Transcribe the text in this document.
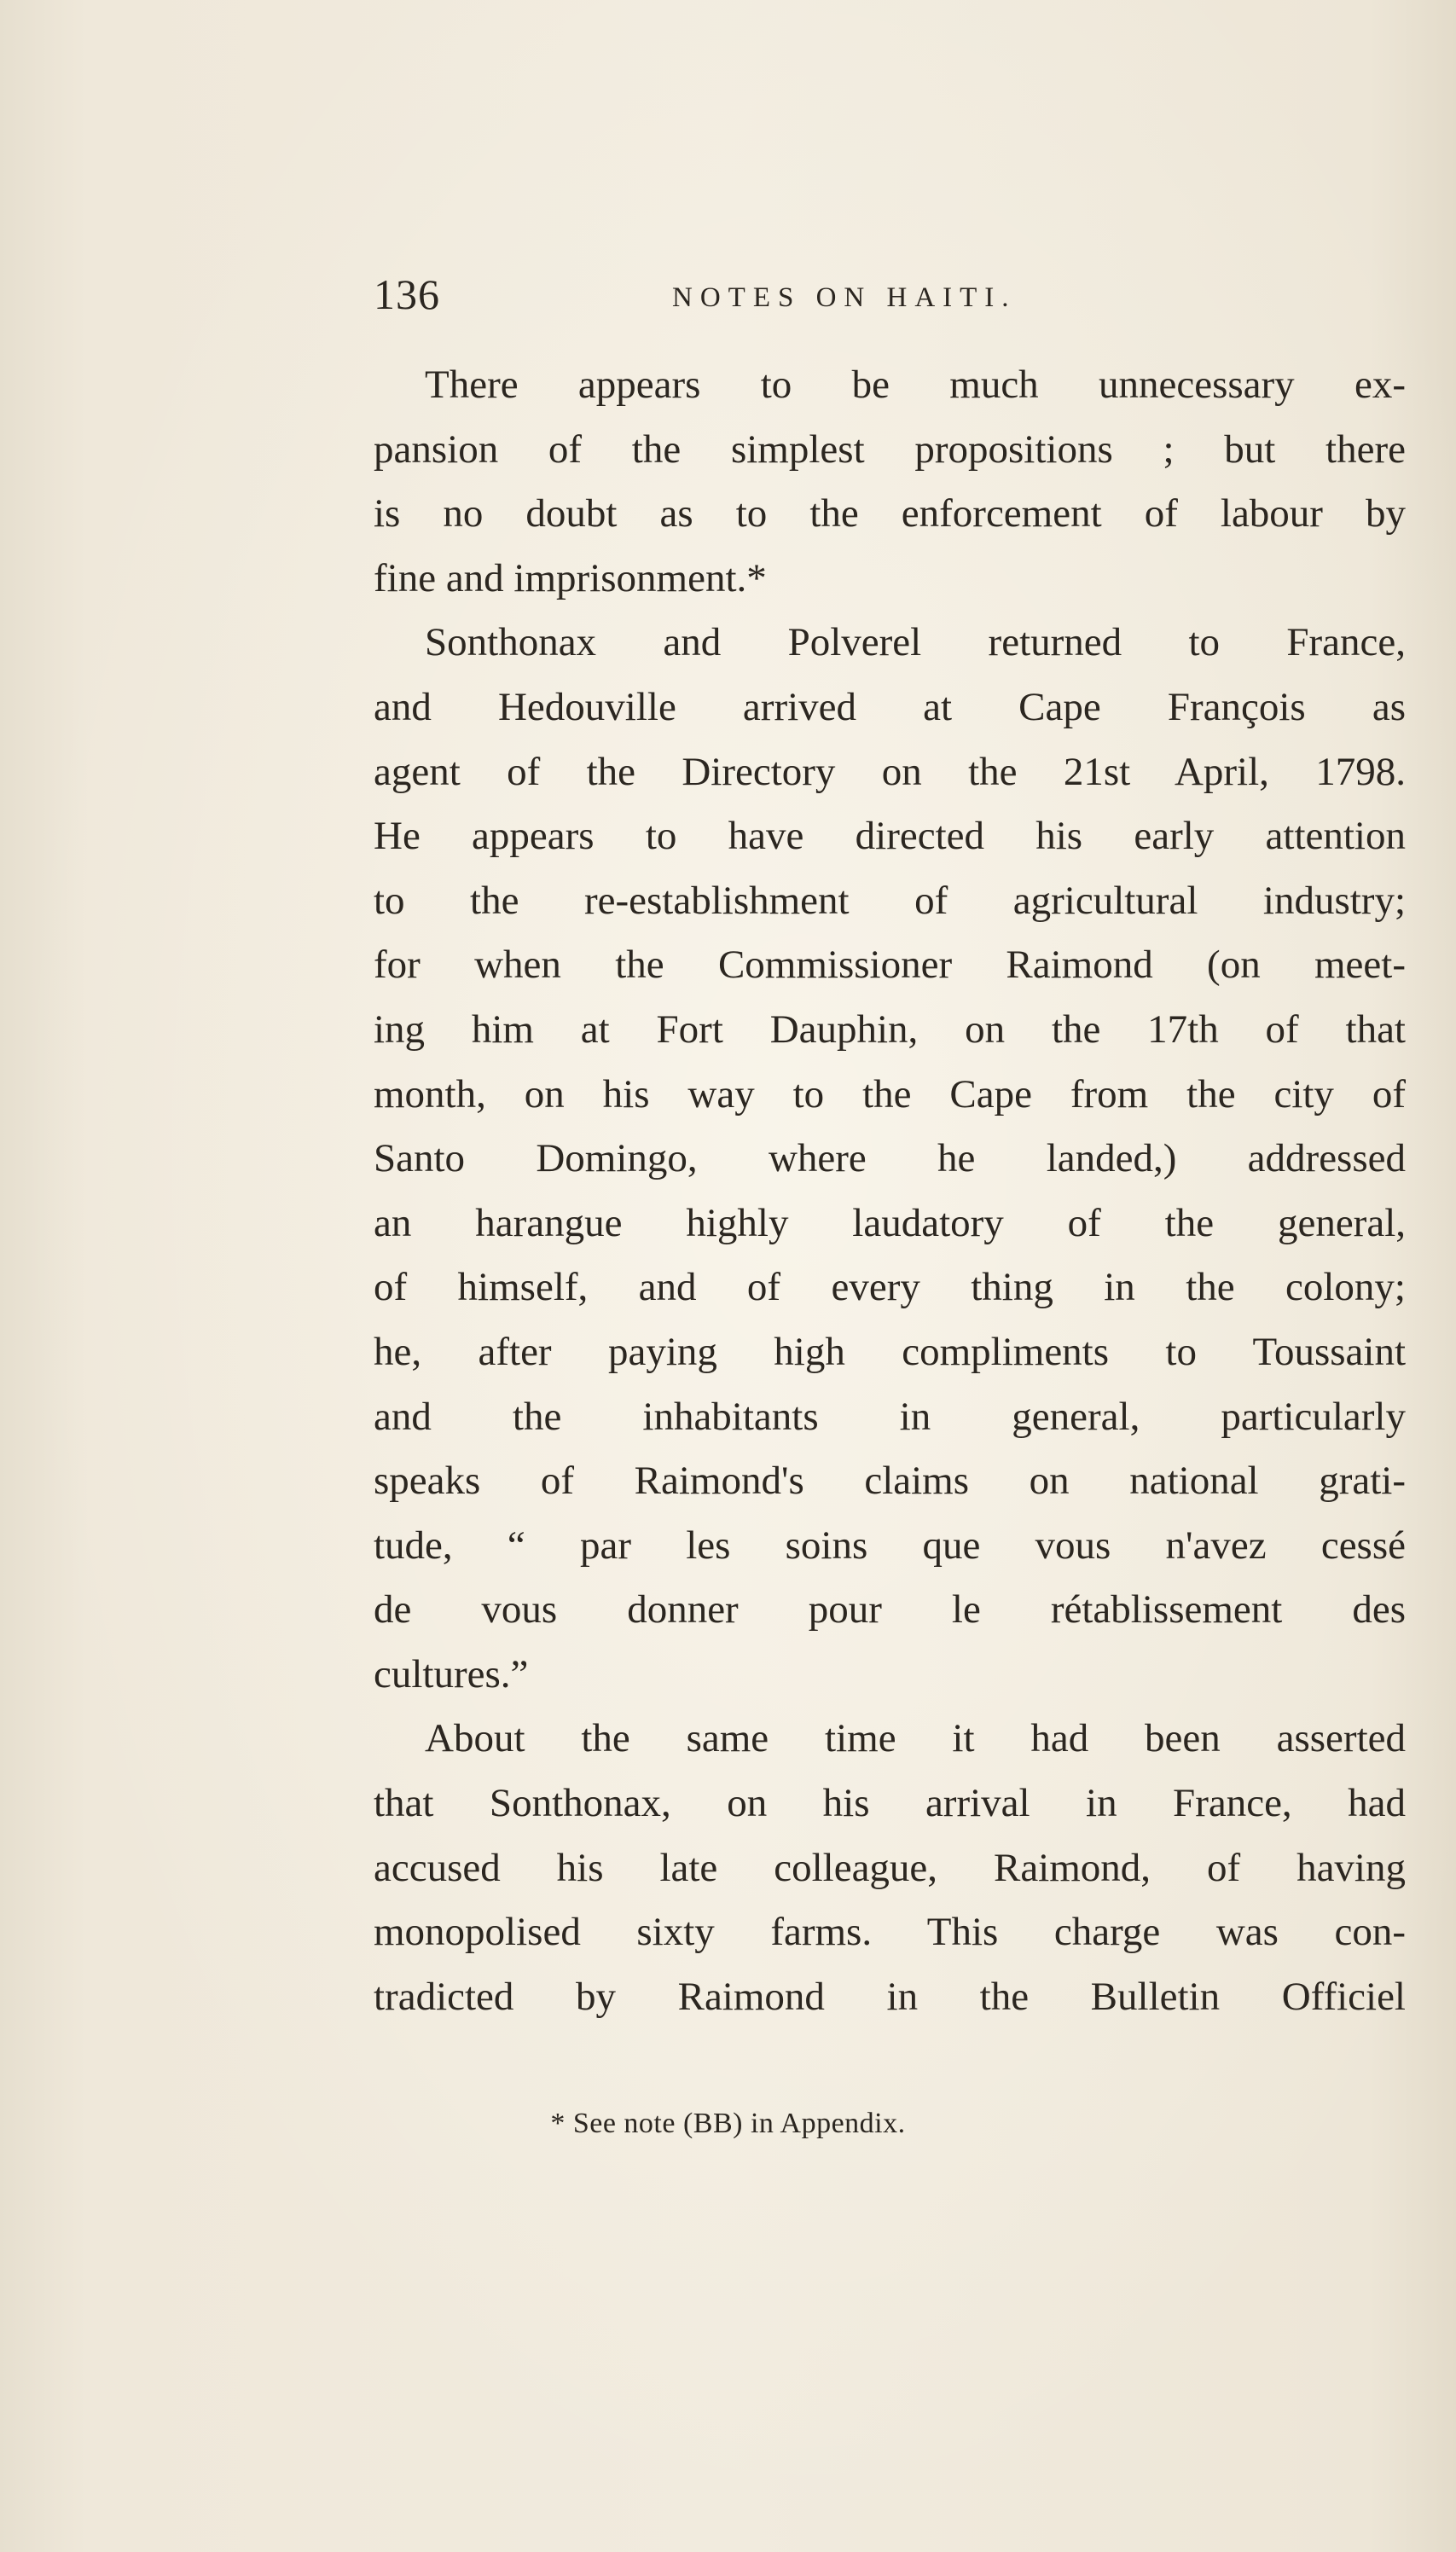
136	NOTES ON HAITI.
There appears to be much unnecessary ex-
pansion of the simplest propositions ; but there
is no doubt as to the enforcement of labour by
fine and imprisonment.*
Sonthonax and Polverel returned to France,
and Hedouville arrived at Cape François as
agent of the Directory on the 21st April, 1798.
He appears to have directed his early attention
to the re-establishment of agricultural industry;
for when the Commissioner Raimond (on meet-
ing him at Fort Dauphin, on the 17th of that
month, on his way to the Cape from the city of
Santo Domingo, where he landed,) addressed
an harangue highly laudatory of the general,
of himself, and of every thing in the colony;
he, after paying high compliments to Toussaint
and the inhabitants in general, particularly
speaks of Raimond's claims on national grati-
tude, “ par les soins que vous n'avez cessé
de vous donner pour le rétablissement des
cultures.”
About the same time it had been asserted
that Sonthonax, on his arrival in France, had
accused his late colleague, Raimond, of having
monopolised sixty farms. This charge was con-
tradicted by Raimond in the Bulletin Officiel
* See note (BB) in Appendix.
